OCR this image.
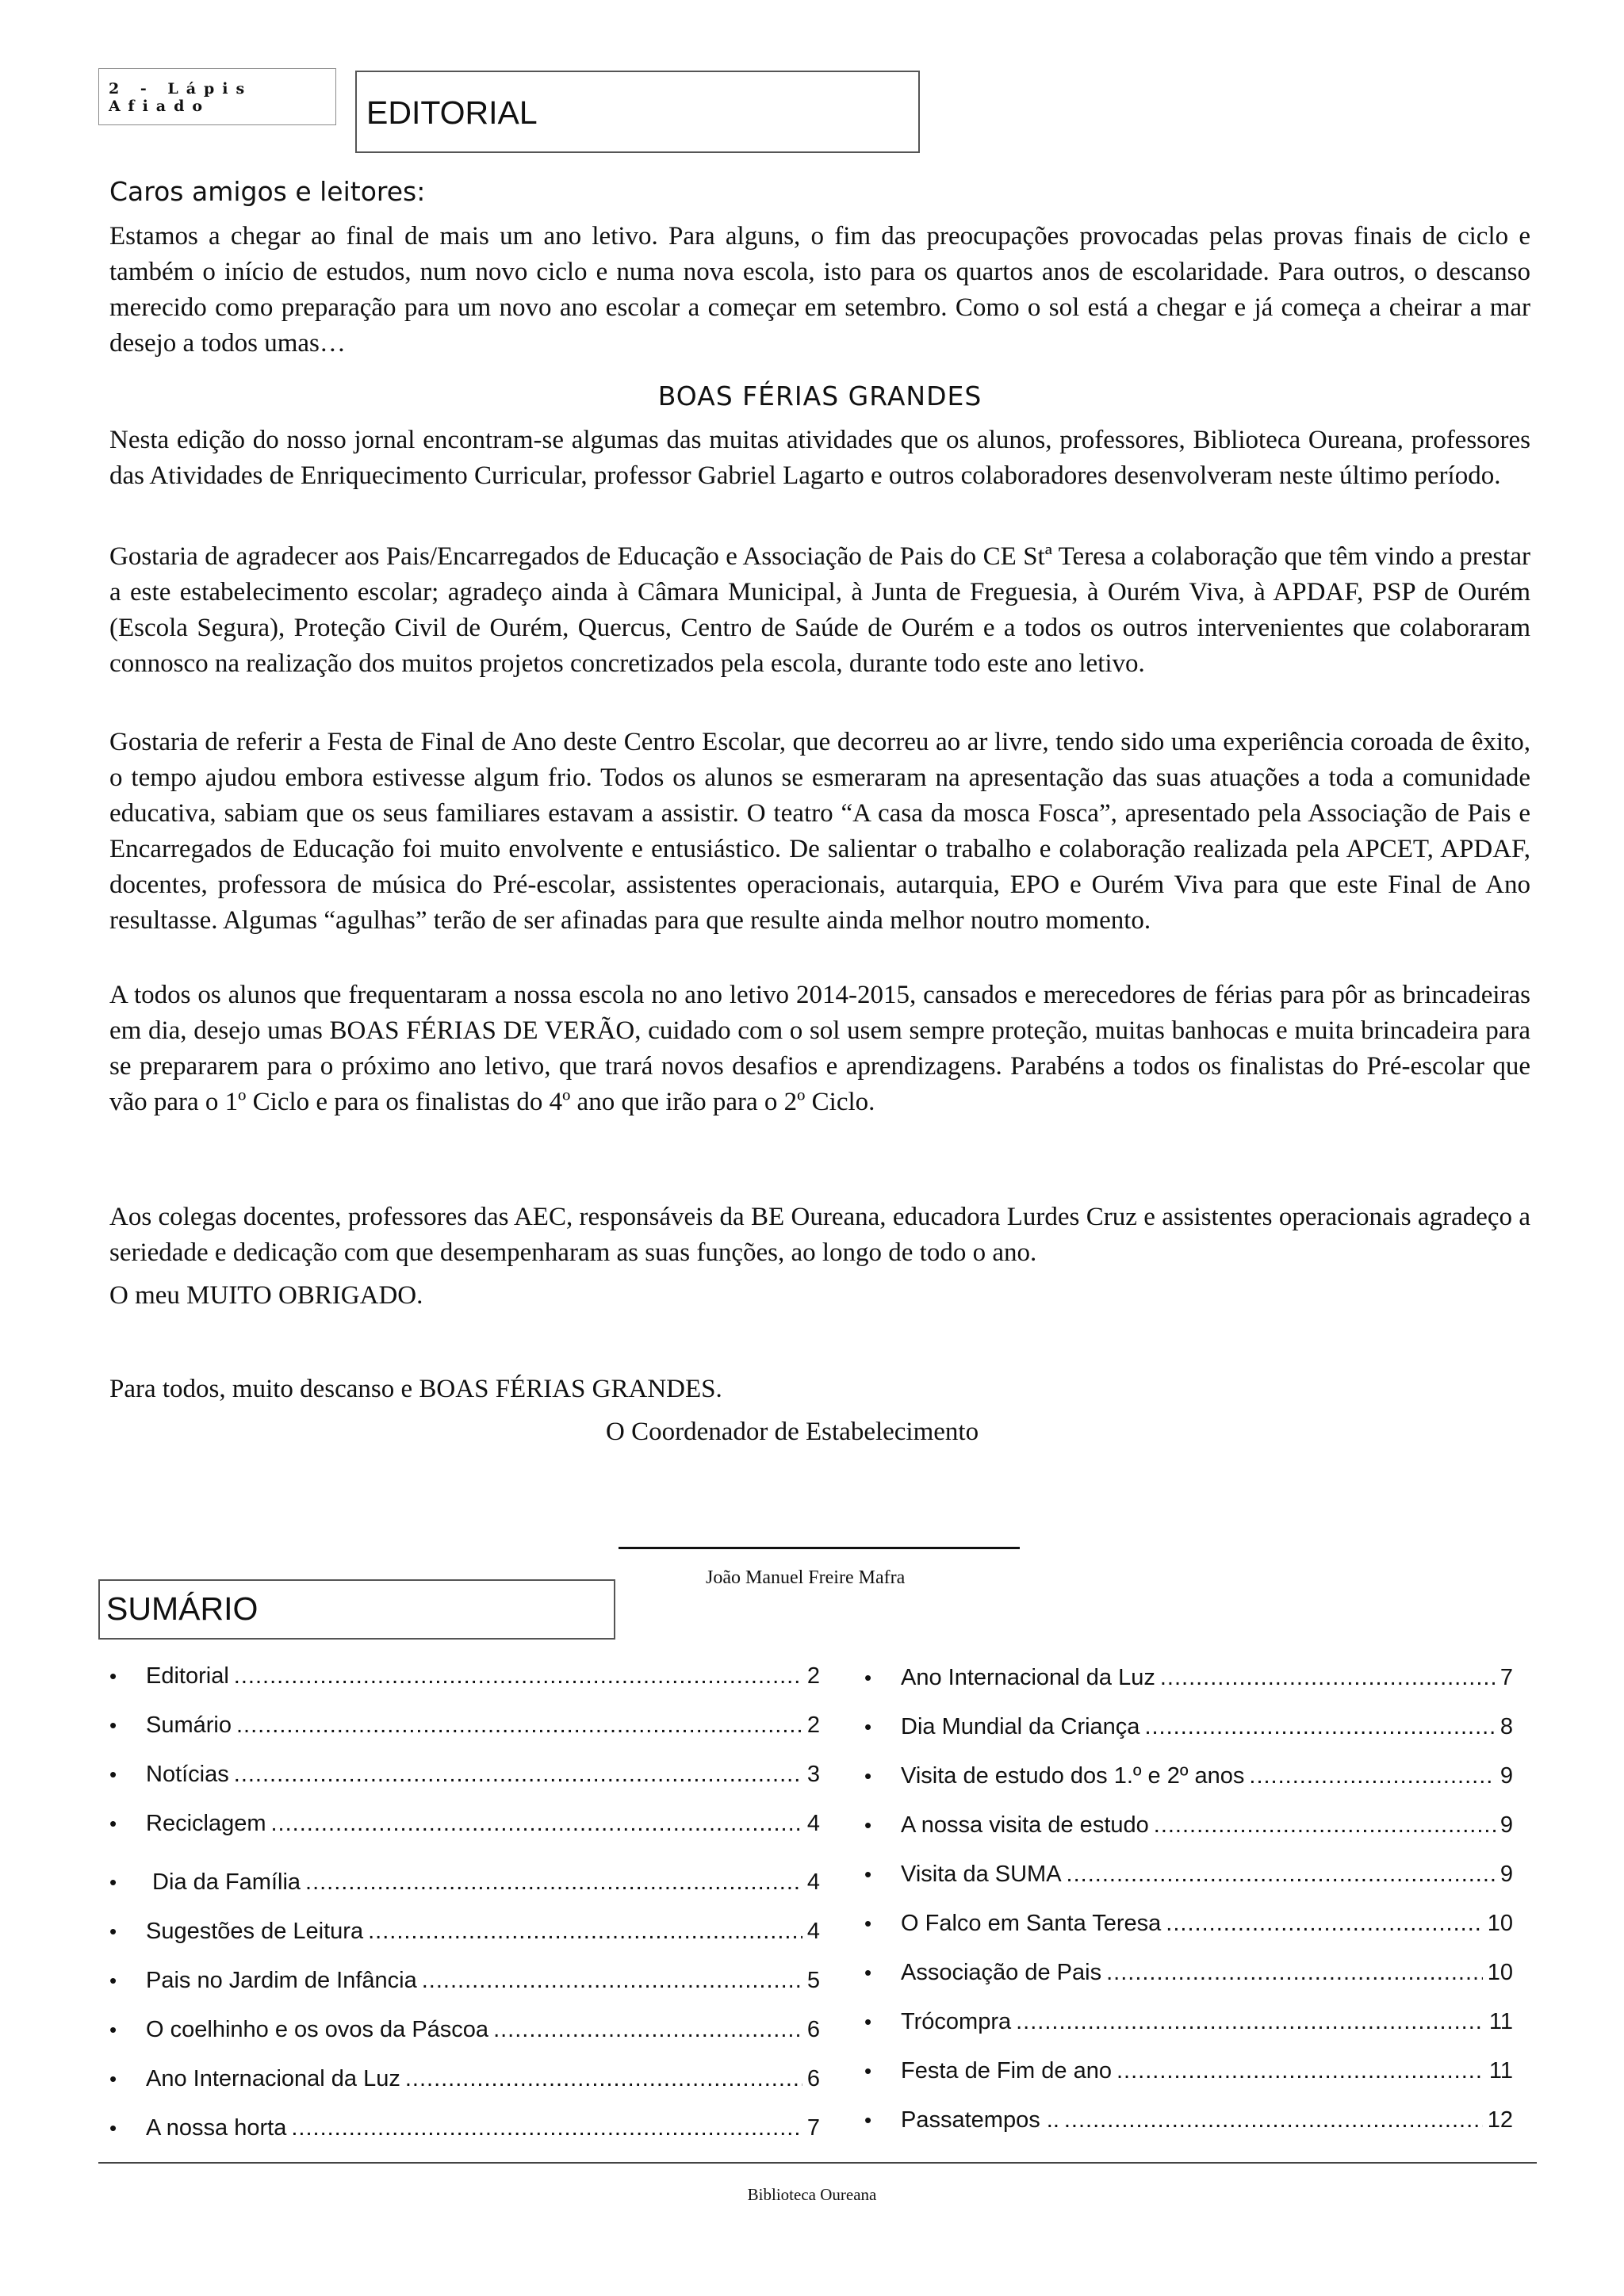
2 - Lápis Afiado	EDITORIAL
Caros amigos e leitores:
Estamos a chegar ao final de mais um ano letivo. Para alguns, o fim das preocupações provocadas pelas provas finais de ciclo e também o início de estudos, num novo ciclo e numa nova escola, isto para os quartos anos de escolaridade. Para outros, o descanso merecido como preparação para um novo ano escolar a começar em setembro. Como o sol está a chegar e já começa a cheirar a mar desejo a todos umas…
BOAS FÉRIAS GRANDES
Nesta edição do nosso jornal encontram-se algumas das muitas atividades que os alunos, professores, Biblioteca Oureana, professores das Atividades de Enriquecimento Curricular, professor Gabriel Lagarto e outros colaboradores desenvolveram neste último período.
Gostaria de agradecer aos Pais/Encarregados de Educação e Associação de Pais do CE Stª Teresa a colaboração que têm vindo a prestar a este estabelecimento escolar; agradeço ainda à Câmara Municipal, à Junta de Freguesia, à Ourém Viva, à APDAF, PSP de Ourém (Escola Segura), Proteção Civil de Ourém, Quercus, Centro de Saúde de Ourém e a todos os outros intervenientes que colaboraram connosco na realização dos muitos projetos concretizados pela escola, durante todo este ano letivo.
Gostaria de referir a Festa de Final de Ano deste Centro Escolar, que decorreu ao ar livre, tendo sido uma experiência coroada de êxito, o tempo ajudou embora estivesse algum frio. Todos os alunos se esmeraram na apresentação das suas atuações a toda a comunidade educativa, sabiam que os seus familiares estavam a assistir. O teatro “A casa da mosca Fosca”, apresentado pela Associação de Pais e Encarregados de Educação foi muito envolvente e entusiástico. De salientar o trabalho e colaboração realizada pela APCET, APDAF, docentes, professora de música do Pré-escolar, assistentes operacionais, autarquia, EPO e Ourém Viva para que este Final de Ano resultasse. Algumas “agulhas” terão de ser afinadas para que resulte ainda melhor noutro momento.
A todos os alunos que frequentaram a nossa escola no ano letivo 2014-2015, cansados e merecedores de férias para pôr as brincadeiras em dia, desejo umas BOAS FÉRIAS DE VERÃO, cuidado com o sol usem sempre proteção, muitas banhocas e muita brincadeira para se prepararem para o próximo ano letivo, que trará novos desafios e aprendizagens. Parabéns a todos os finalistas do Pré-escolar que vão para o 1º Ciclo e para os finalistas do 4º ano que irão para o 2º Ciclo.
Aos colegas docentes, professores das AEC, responsáveis da BE Oureana, educadora Lurdes Cruz e assistentes operacionais agradeço a seriedade e dedicação com que desempenharam as suas funções, ao longo de todo o ano.
O meu MUITO OBRIGADO.
Para todos, muito descanso e BOAS FÉRIAS GRANDES.
O Coordenador de Estabelecimento
João Manuel Freire Mafra
SUMÁRIO
•	Editorial .....	2
•	Sumário .....	2
•	Notícias .....	3
•	Reciclagem .....	4
•	Dia da Família .....	4
•	Sugestões de Leitura .....	4
•	Pais no Jardim de Infância .....	5
•	O coelhinho e os ovos da Páscoa .....	6
•	Ano Internacional da Luz .....	6
•	A nossa horta .....	7
•	Ano Internacional da Luz .....	7
•	Dia Mundial da Criança .....	8
•	Visita de estudo dos 1.º e 2º anos .....	9
•	A nossa visita de estudo .....	9
•	Visita da SUMA .....	9
•	O Falco em Santa Teresa .....	10
•	Associação de Pais .....	10
•	Trócompra .....	11
•	Festa de Fim de ano .....	11
•	Passatempos .. .....	12
Biblioteca Oureana
